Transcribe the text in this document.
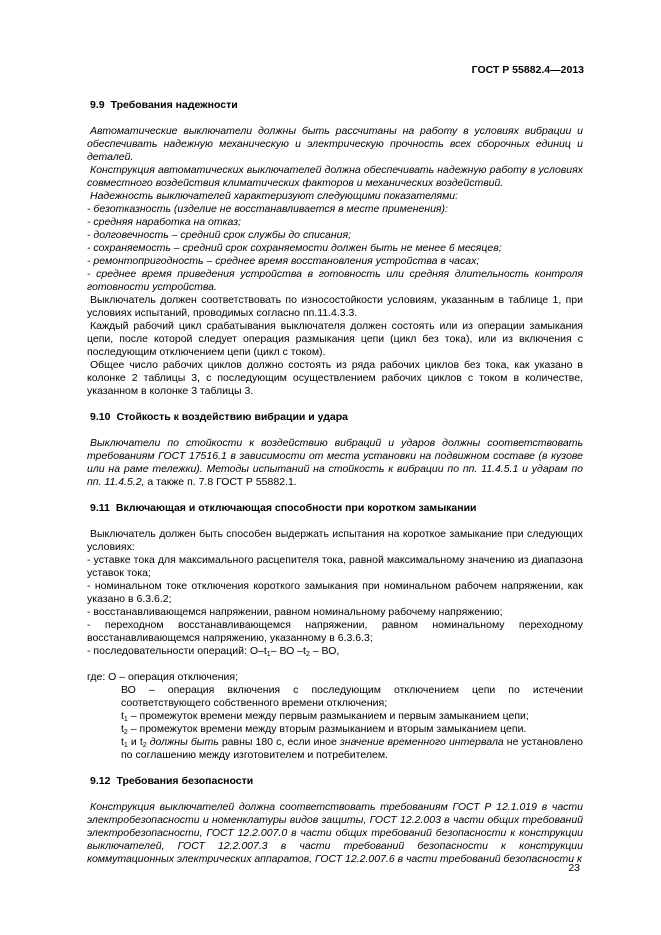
ГОСТ Р 55882.4—2013
9.9 Требования надежности
Автоматические выключатели должны быть рассчитаны на работу в условиях вибрации и обеспечивать надежную механическую и электрическую прочность всех сборочных единиц и деталей.
Конструкция автоматических выключателей должна обеспечивать надежную работу в условиях совместного воздействия климатических факторов и механических воздействий.
Надежность выключателей характеризуют следующими показателями:
- безотказность (изделие не восстанавливается в месте применения):
- средняя наработка на отказ;
- долговечность – средний срок службы до списания;
- сохраняемость – средний срок сохраняемости должен быть не менее 6 месяцев;
- ремонтопригодность – среднее время восстановления устройства в часах;
- среднее время приведения устройства в готовность или средняя длительность контроля готовности устройства.
Выключатель должен соответствовать по износостойкости условиям, указанным в таблице 1, при условиях испытаний, проводимых согласно пп.11.4.3.3.
Каждый рабочий цикл срабатывания выключателя должен состоять или из операции замыкания цепи, после которой следует операция размыкания цепи (цикл без тока), или из включения с последующим отключением цепи (цикл с током).
Общее число рабочих циклов должно состоять из ряда рабочих циклов без тока, как указано в колонке 2 таблицы 3, с последующим осуществлением рабочих циклов с током в количестве, указанном в колонке 3 таблицы 3.
9.10 Стойкость к воздействию вибрации и удара
Выключатели по стойкости к воздействию вибраций и ударов должны соответствовать требованиям ГОСТ 17516.1 в зависимости от места установки на подвижном составе (в кузове или на раме тележки). Методы испытаний на стойкость к вибрации по пп. 11.4.5.1 и ударам по пп. 11.4.5.2, а также п. 7.8 ГОСТ Р 55882.1.
9.11 Включающая и отключающая способности при коротком замыкании
Выключатель должен быть способен выдержать испытания на короткое замыкание при следующих условиях:
- уставке тока для максимального расцепителя тока, равной максимальному значению из диапазона уставок тока;
- номинальном токе отключения короткого замыкания при номинальном рабочем напряжении, как указано в 6.3.6.2;
- восстанавливающемся напряжении, равном номинальному рабочему напряжению;
- переходном восстанавливающемся напряжении, равном номинальному переходному восстанавливающемся напряжению, указанному в 6.3.6.3;
- последовательности операций: $О-t_1-$ ВО $-t_2$ – ВО,
где: О – операция отключения;
ВО – операция включения с последующим отключением цепи по истечении соответствующего собственного времени отключения;
$t_1$ – промежуток времени между первым размыканием и первым замыканием цепи;
$t_2$ – промежуток времени между вторым размыканием и вторым замыканием цепи.
$t_1$ и $t_2$ должны быть равны 180 с, если иное значение временного интервала не установлено по соглашению между изготовителем и потребителем.
9.12 Требования безопасности
Конструкция выключателей должна соответствовать требованиям ГОСТ Р 12.1.019 в части электробезопасности и номенклатуры видов защиты, ГОСТ 12.2.003 в части общих требований электробезопасности, ГОСТ 12.2.007.0 в части общих требований безопасности к конструкции выключателей, ГОСТ 12.2.007.3 в части требований безопасности к конструкции коммутационных электрических аппаратов, ГОСТ 12.2.007.6 в части требований безопасности к
23
